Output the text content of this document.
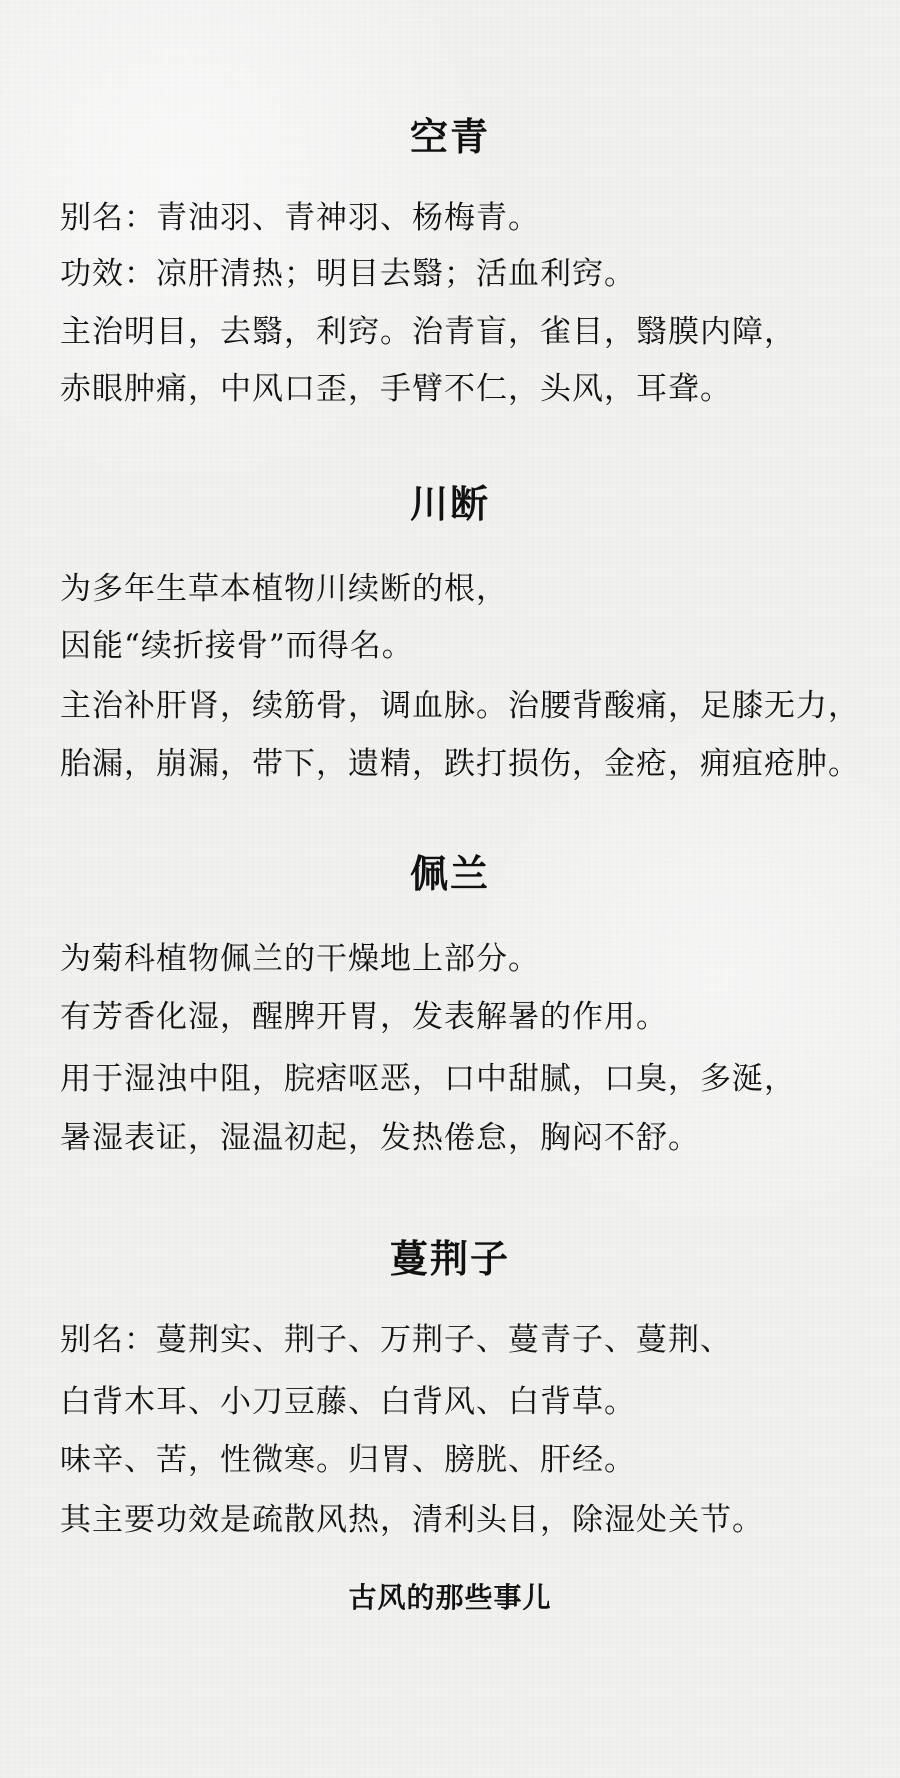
空青

别名：青油羽、青神羽、杨梅青。

功效：凉肝清热；明目去翳；活血利窍。

主治明目，去翳，利窍。治青盲，雀目，翳膜内障，

赤眼肿痛，中风口歪，手臂不仁，头风，耳聋。

川断

为多年生草本植物川续断的根，

因能“续折接骨”而得名。

主治补肝肾，续筋骨，调血脉。治腰背酸痛，足膝无力，

胎漏，崩漏，带下，遗精，跌打损伤，金疮，痈疽疮肿。

佩兰

为菊科植物佩兰的干燥地上部分。

有芳香化湿，醒脾开胃，发表解暑的作用。

用于湿浊中阻，脘痞呕恶，口中甜腻，口臭，多涎，

暑湿表证，湿温初起，发热倦怠，胸闷不舒。

蔓荆子

别名：蔓荆实、荆子、万荆子、蔓青子、蔓荆、

白背木耳、小刀豆藤、白背风、白背草。

味辛、苦，性微寒。归胃、膀胱、肝经。

其主要功效是疏散风热，清利头目，除湿处关节。

古风的那些事儿
